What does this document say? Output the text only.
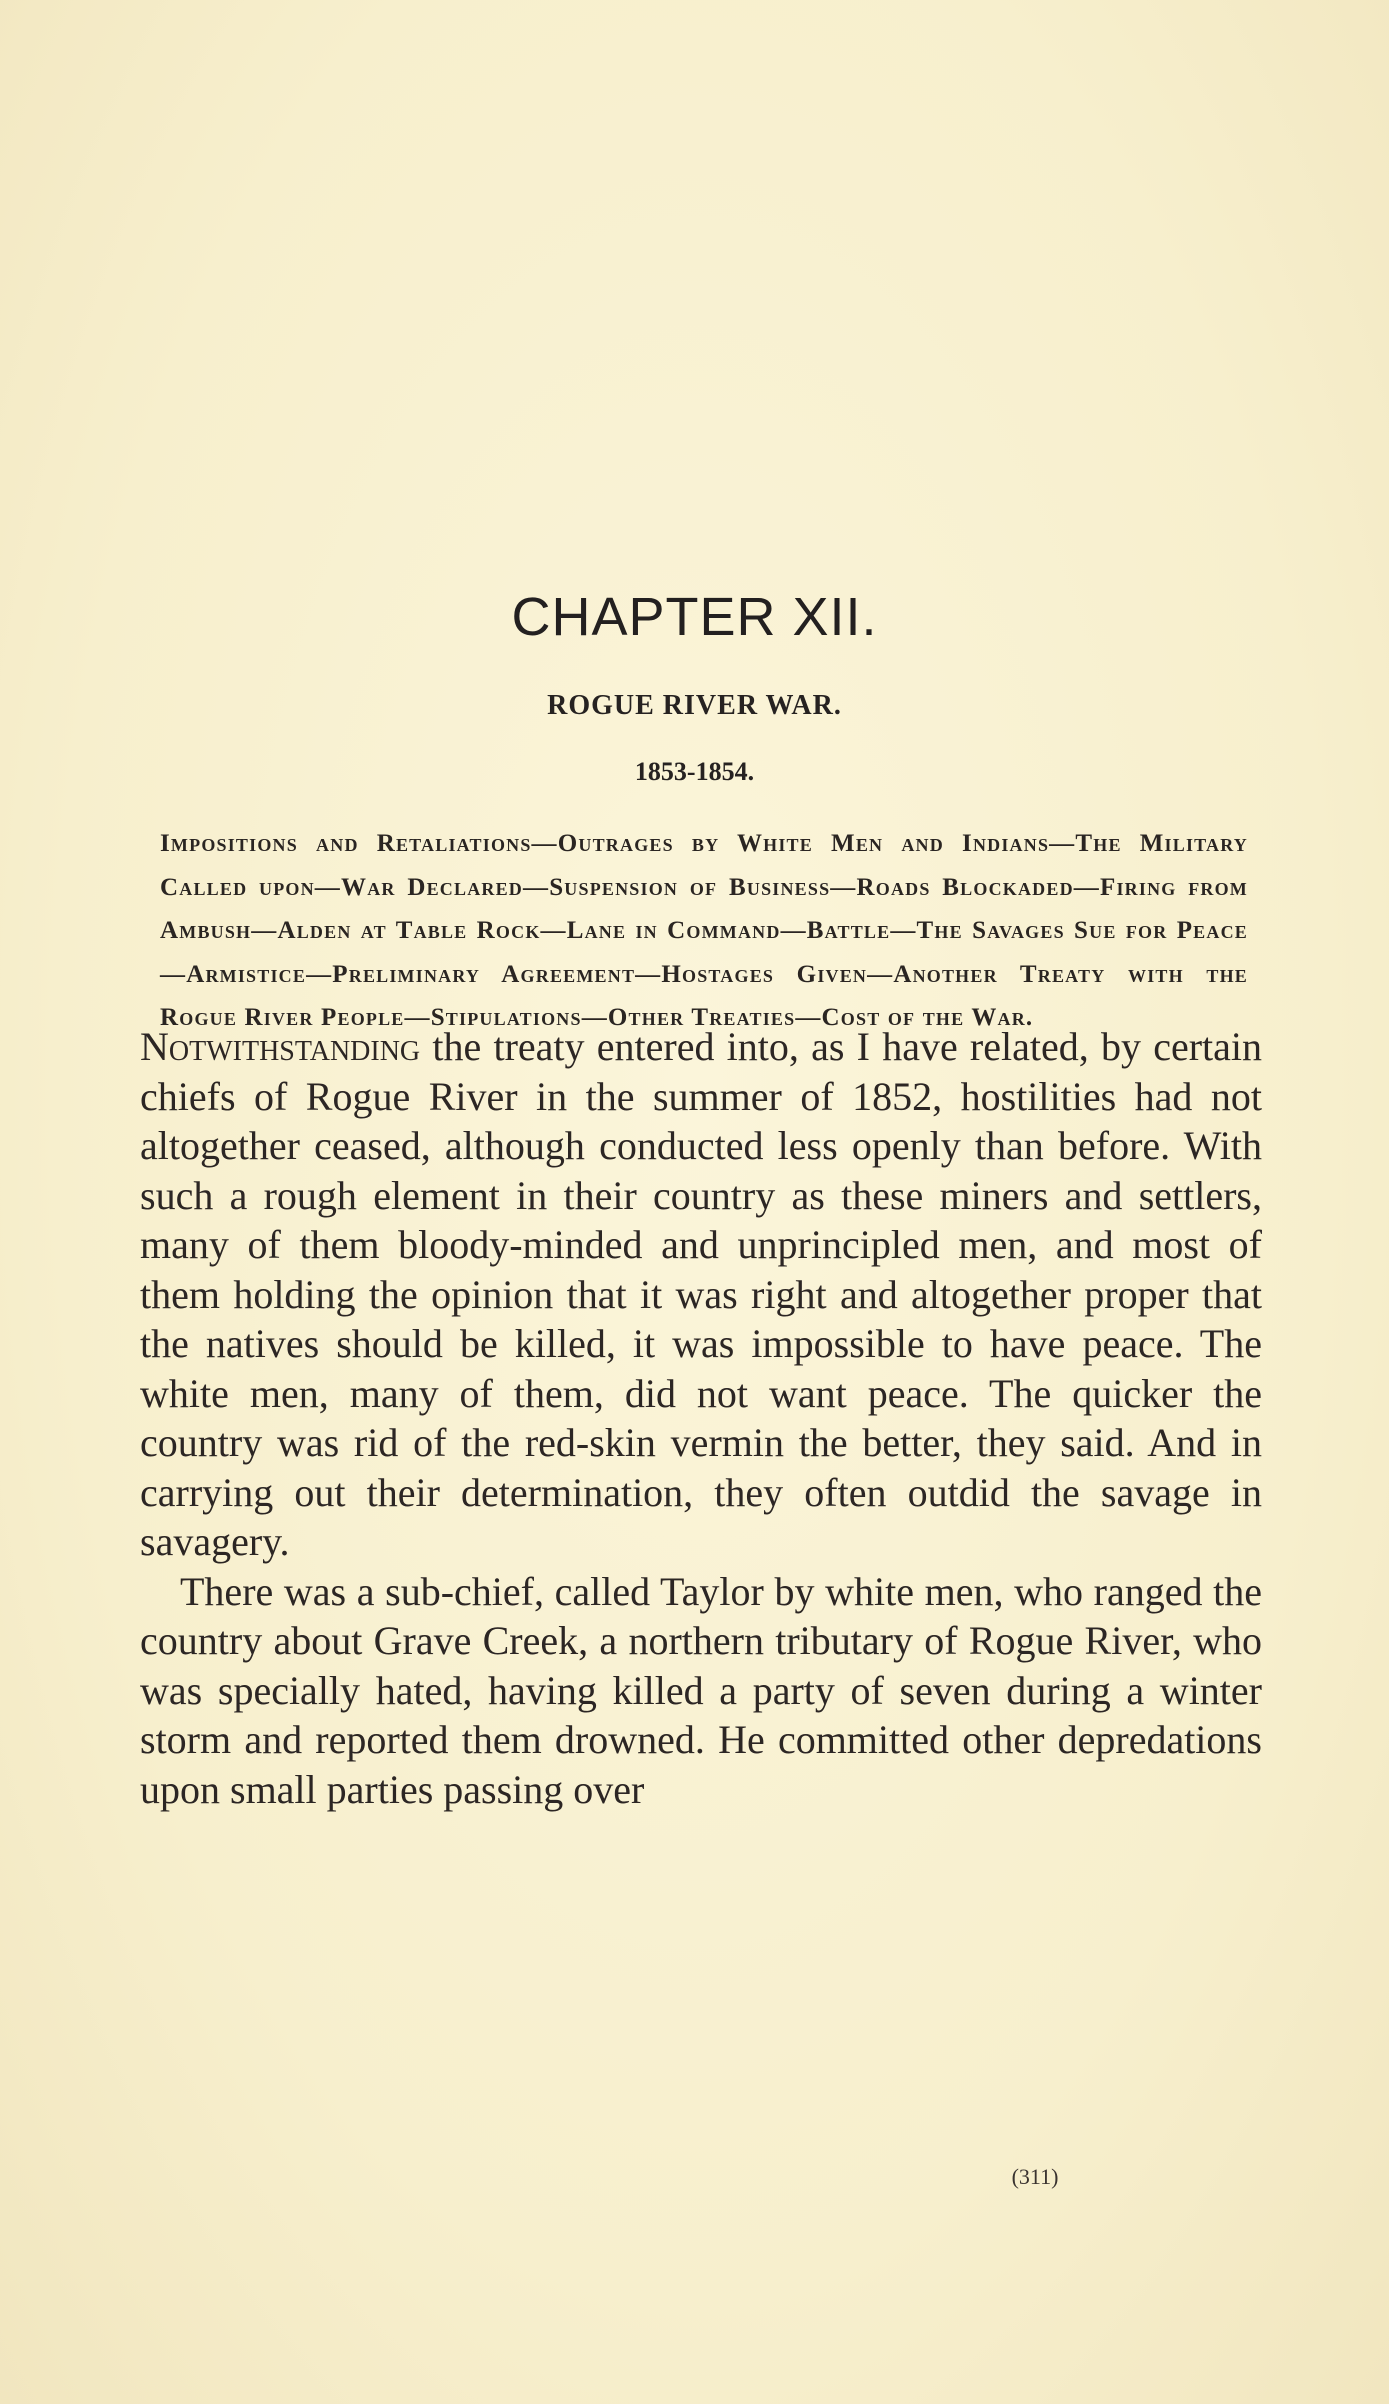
CHAPTER XII.
ROGUE RIVER WAR.
1853-1854.
Impositions and Retaliations—Outrages by White Men and Indians—The Military Called upon—War Declared—Suspension of Business—Roads Blockaded—Firing from Ambush—Alden at Table Rock—Lane in Command—Battle—The Savages Sue for Peace—Armistice—Preliminary Agreement—Hostages Given—Another Treaty with the Rogue River People—Stipulations—Other Treaties—Cost of the War.

Notwithstanding the treaty entered into, as I have related, by certain chiefs of Rogue River in the summer of 1852, hostilities had not altogether ceased, although conducted less openly than before. With such a rough element in their country as these miners and settlers, many of them bloody-minded and unprincipled men, and most of them holding the opinion that it was right and altogether proper that the natives should be killed, it was impossible to have peace. The white men, many of them, did not want peace. The quicker the country was rid of the red-skin vermin the better, they said. And in carrying out their determination, they often outdid the savage in savagery.

There was a sub-chief, called Taylor by white men, who ranged the country about Grave Creek, a northern tributary of Rogue River, who was specially hated, having killed a party of seven during a winter storm and reported them drowned. He committed other depredations upon small parties passing over

(311)
